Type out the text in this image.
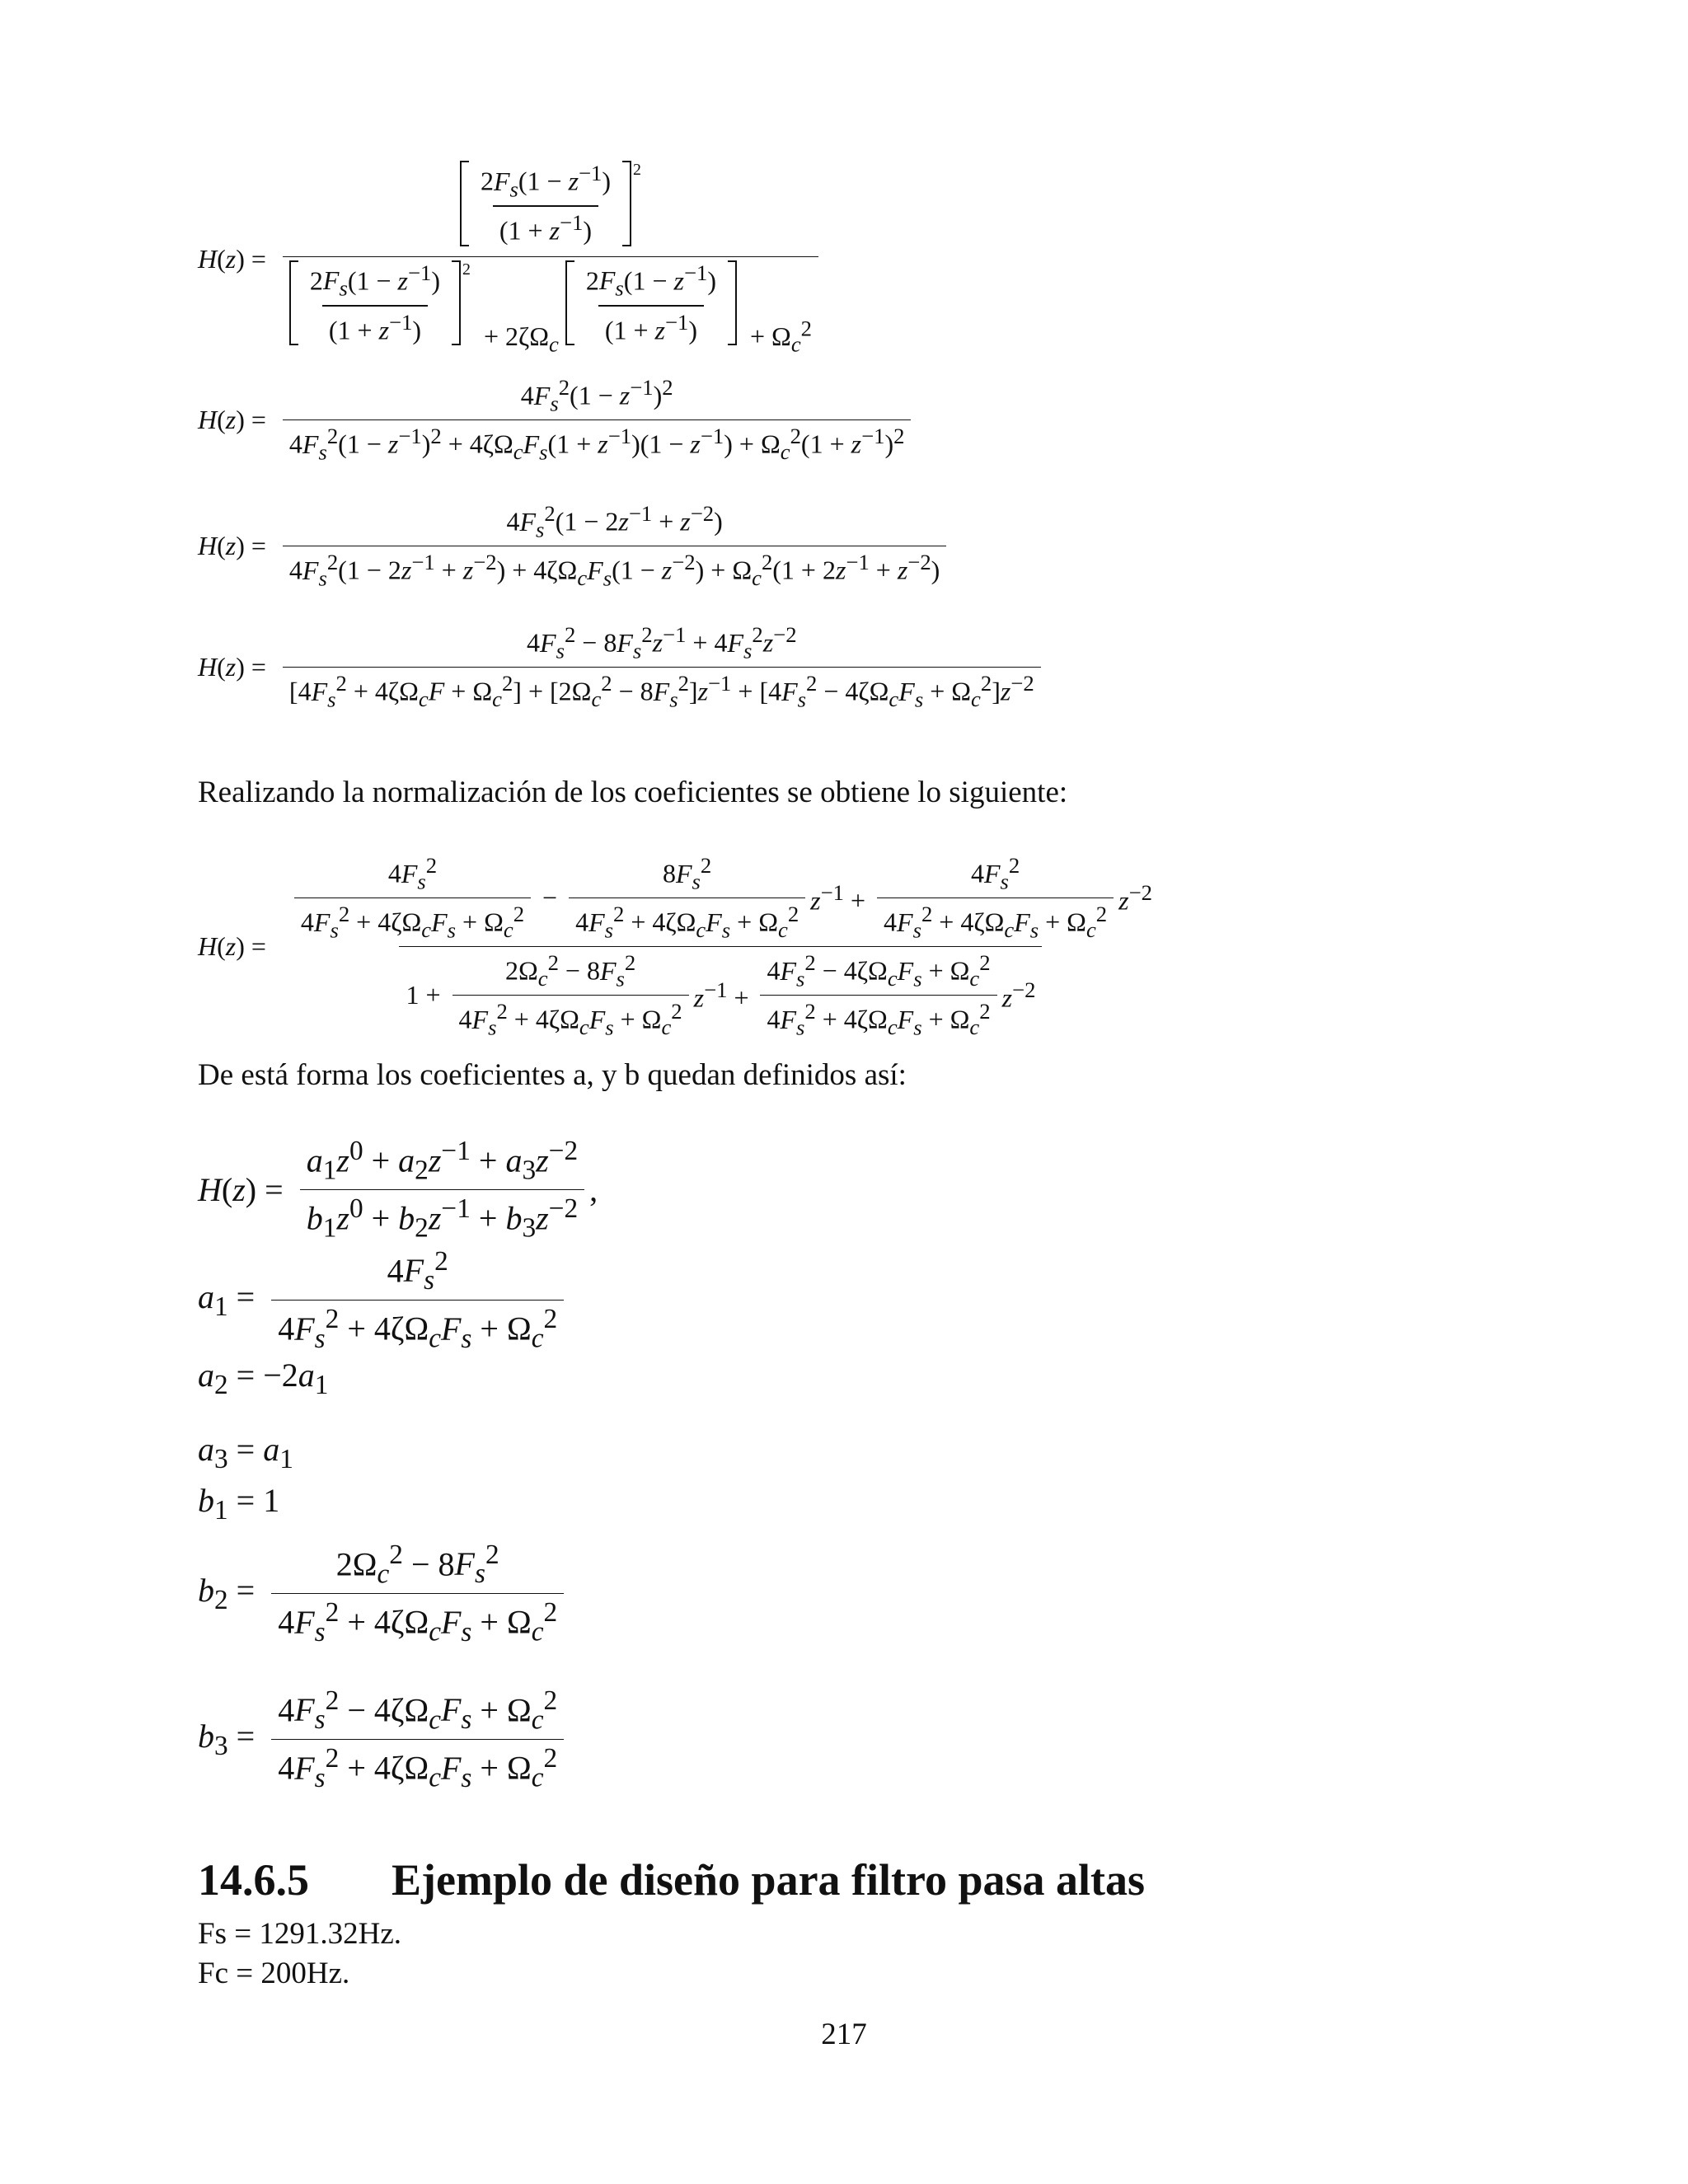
H(z) =
$\frac{2F_s(1 - z^{-1})}{(1 + z^{-1})} 2$
$\frac{2F_s(1 - z^{-1})}{(1 + z^{-1})} 2$
+ $2\zeta\Omega_c \frac{2F_s(1 - z^{-1})}{(1 + z^{-1})} + \Omega_c^2$
$H(z) = \frac{4F_s^2(1 - z^{-1})^2}{4F_s^2(1 - z^{-1})^2 + 4\zeta\Omega_cF_s(1 + z^{-1})(1 - z^{-1}) + \Omega_c^2(1 + z^{-1})^2}$
$H(z) = \frac{4F_s^2(1 - 2z^{-1} + z^{-2})}{4F_s^2(1 - 2z^{-1} + z^{-2}) + 4\zeta\Omega_cF_s(1 - z^{-2}) + \Omega_c^2(1 + 2z^{-1} + z^{-2})}$
H(z) =
$4F_s^2 - 8F_s^2z^{-1} + 4F_s^2z^{-2}$
$[4F_s^2 + 4\zeta\Omega_cF + \Omega_c^2] + [2\Omega_c^2 - 8F_s^2]z^{-1} + [4F_s^2 - 4\zeta\Omega_cF_s + \Omega_c^2]z^{-2}$
Realizando la normalización de los coeficientes se obtiene lo siguiente:
H(z) =
$\frac{4F_s^2}{4F_s^2 + 4\zeta\Omega_cF_s + \Omega_c^2} - \frac{8F_s^2}{4F_s^2 + 4\zeta\Omega_cF_s + \Omega_c^2} z^{-1} + \frac{4F_s^2}{4F_s^2 + 4\zeta\Omega_cF_s + \Omega_c^2} z^{-2}$
$1 + \frac{2\Omega_c^2 - 8F_s^2}{4F_s^2 + 4\zeta\Omega_cF_s + \Omega_c^2} z^{-1} + \frac{4F_s^2 - 4\zeta\Omega_cF_s + \Omega_c^2}{4F_s^2 + 4\zeta\Omega_cF_s + \Omega_c^2} z^{-2}$
De está forma los coeficientes a, y b quedan definidos así:
$H(z) = \frac{a_1z^0 + a_2z^{-1} + a_3z^{-2}}{b_1z^0 + b_2z^{-1} + b_3z^{-2}}$ ,
$a_1 = \frac{4F_s^2}{4F_s^2 + 4\zeta\Omega_cF_s + \Omega_c^2}$
$a_2 = -2a_1$
$a_3 = a_1$
$b_1 = 1$
$b_2 = \frac{2\Omega_c^2 - 8F_s^2}{4F_s^2 + 4\zeta\Omega_cF_s + \Omega_c^2}$
$b_3 = \frac{4F_s^2 - 4\zeta\Omega_cF_s + \Omega_c^2}{4F_s^2 + 4\zeta\Omega_cF_s + \Omega_c^2}$
14.6.5	Ejemplo de diseño para filtro pasa altas
Fs = 1291.32Hz.
Fc = 200Hz.
217
